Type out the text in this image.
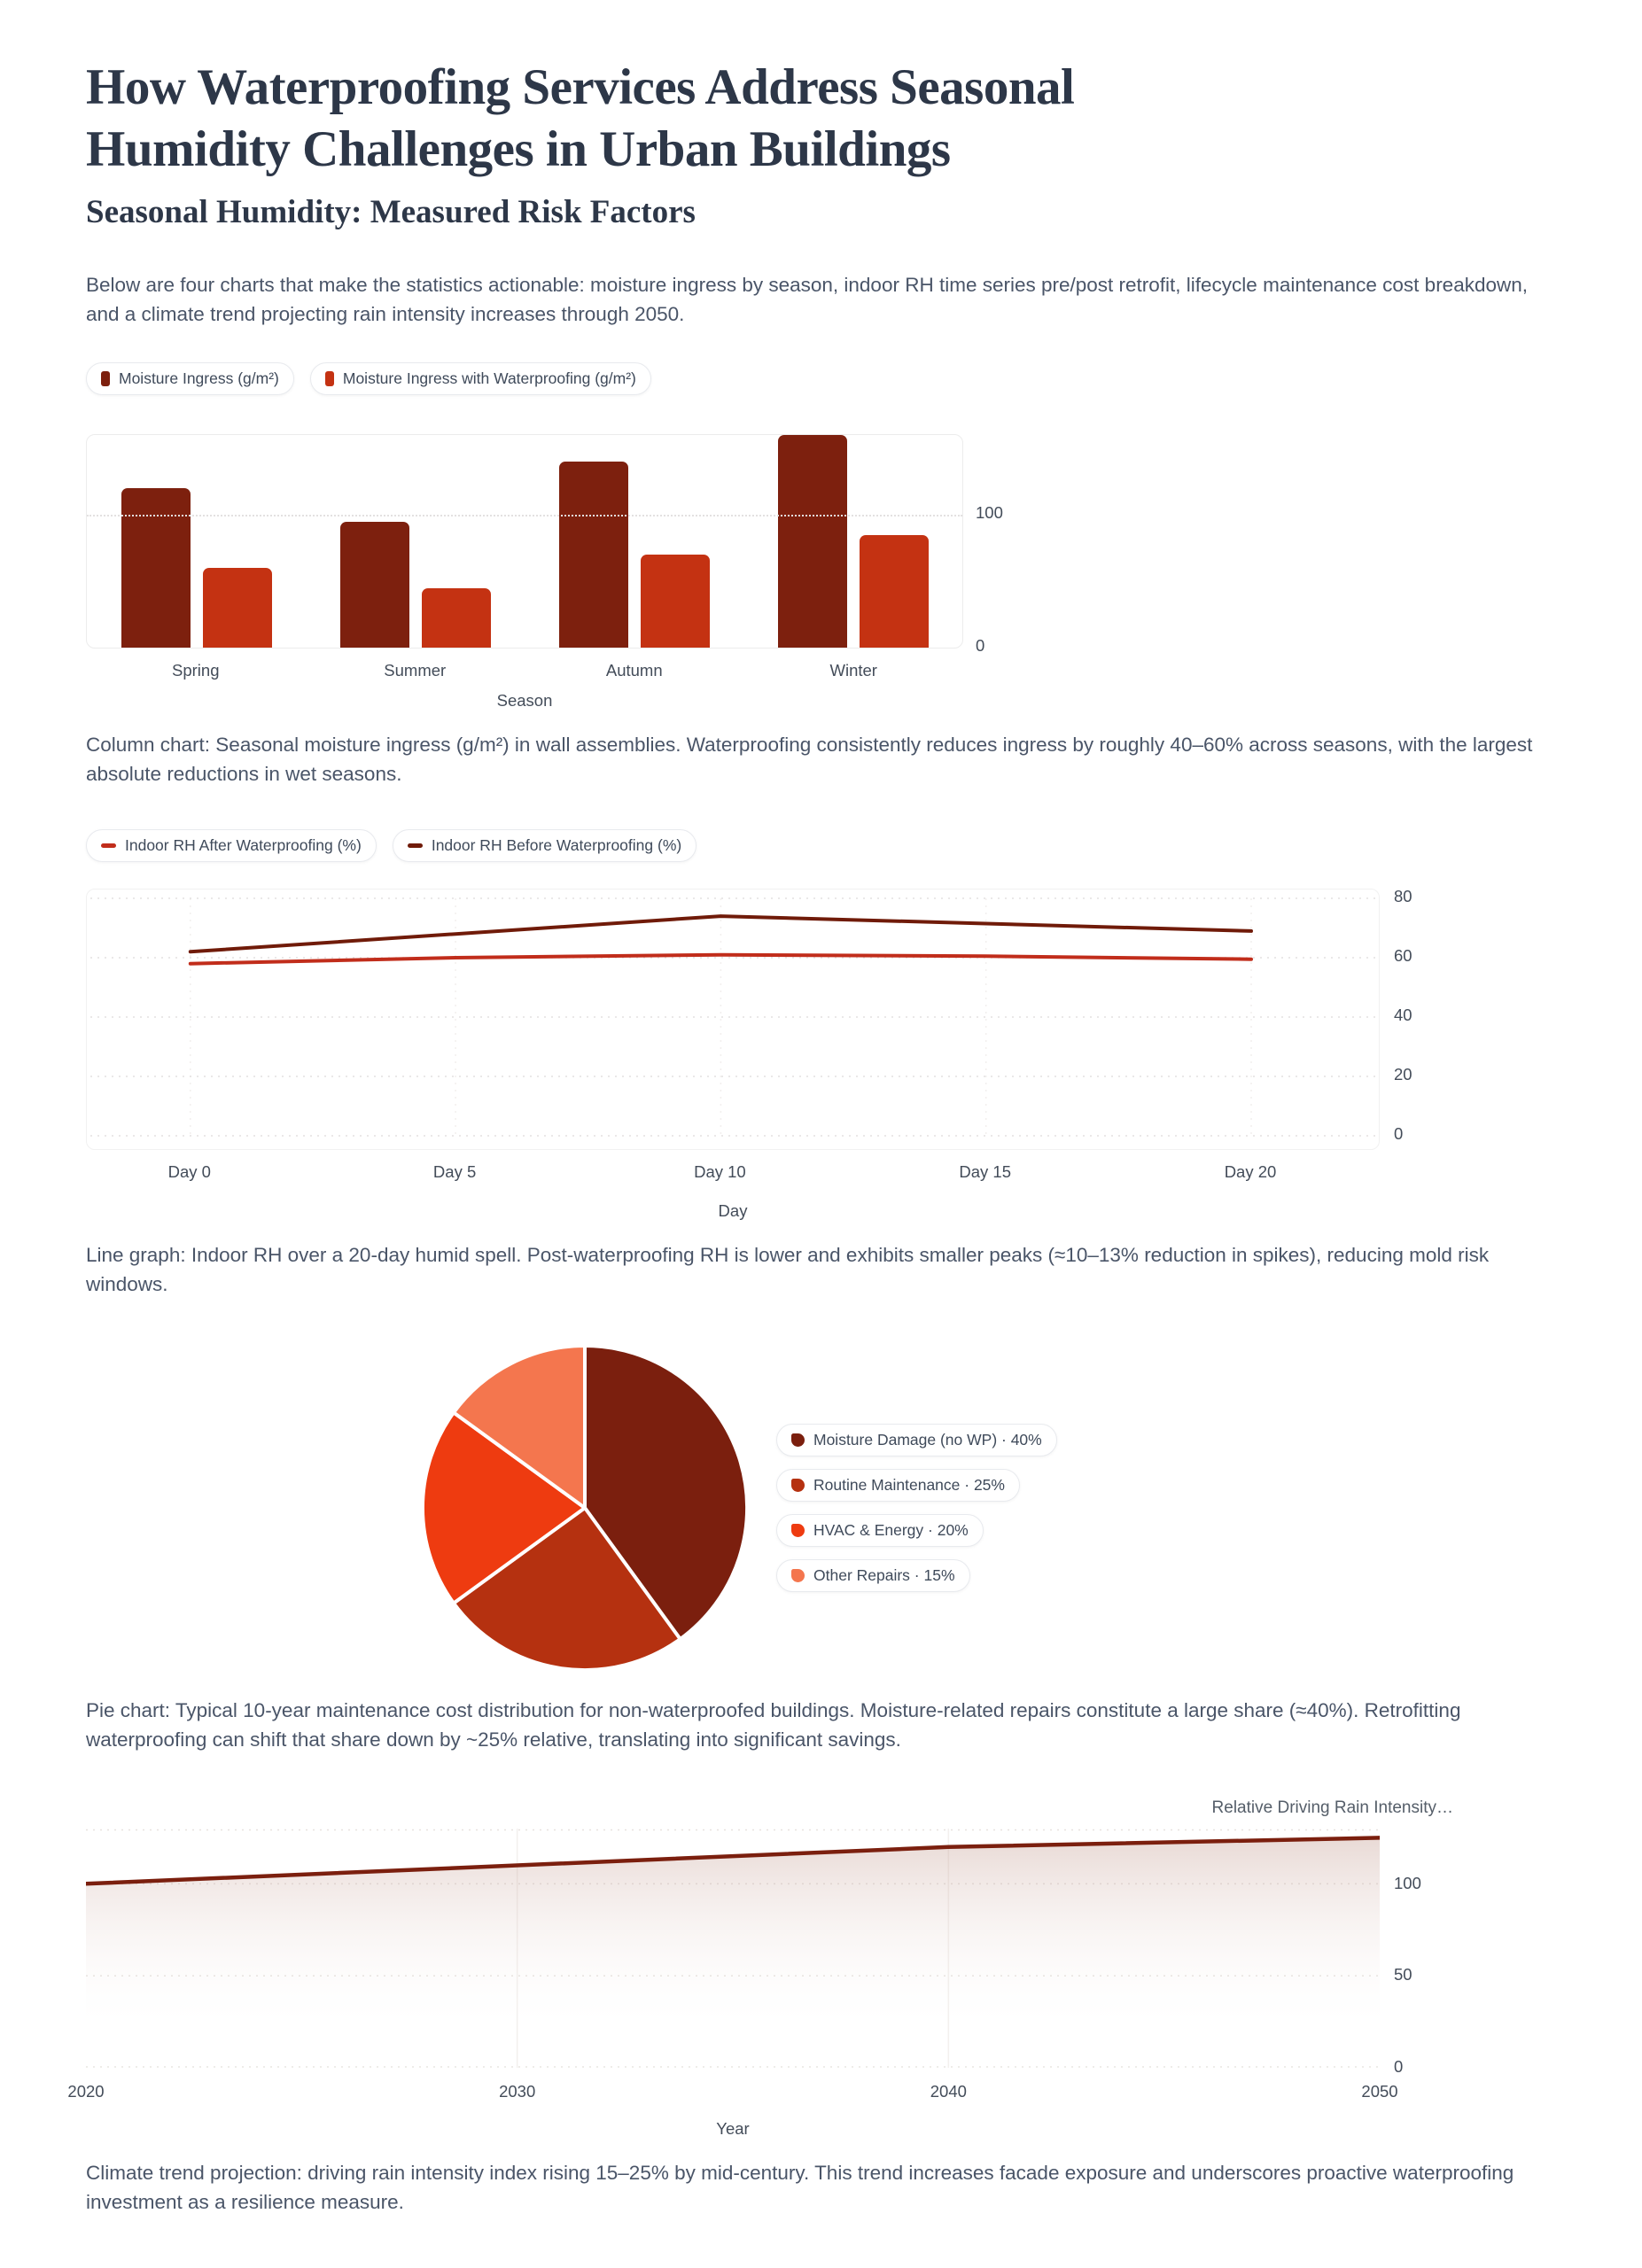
How Waterproofing Services Address Seasonal Humidity Challenges in Urban Buildings
Seasonal Humidity: Measured Risk Factors

Below are four charts that make the statistics actionable: moisture ingress by season, indoor RH time series pre/post retrofit, lifecycle maintenance cost breakdown, and a climate trend projecting rain intensity increases through 2050.

Moisture Ingress (g/m²)	Moisture Ingress with Waterproofing (g/m²)
0
100
Spring	Summer	Autumn	Winter
Season

Column chart: Seasonal moisture ingress (g/m²) in wall assemblies. Waterproofing consistently reduces ingress by roughly 40–60% across seasons, with the largest absolute reductions in wet seasons.

Indoor RH After Waterproofing (%)	Indoor RH Before Waterproofing (%)
0
20
40
60
80
Day 0	Day 5	Day 10	Day 15	Day 20
Day

Line graph: Indoor RH over a 20-day humid spell. Post-waterproofing RH is lower and exhibits smaller peaks (≈10–13% reduction in spikes), reducing mold risk windows.

Moisture Damage (no WP) · 40%
Routine Maintenance · 25%
HVAC & Energy · 20%
Other Repairs · 15%

Pie chart: Typical 10-year maintenance cost distribution for non-waterproofed buildings. Moisture-related repairs constitute a large share (≈40%). Retrofitting waterproofing can shift that share down by ~25% relative, translating into significant savings.

Relative Driving Rain Intensity…
0
50
100
2020	2030	2040	2050
Year

Climate trend projection: driving rain intensity index rising 15–25% by mid-century. This trend increases facade exposure and underscores proactive waterproofing investment as a resilience measure.
